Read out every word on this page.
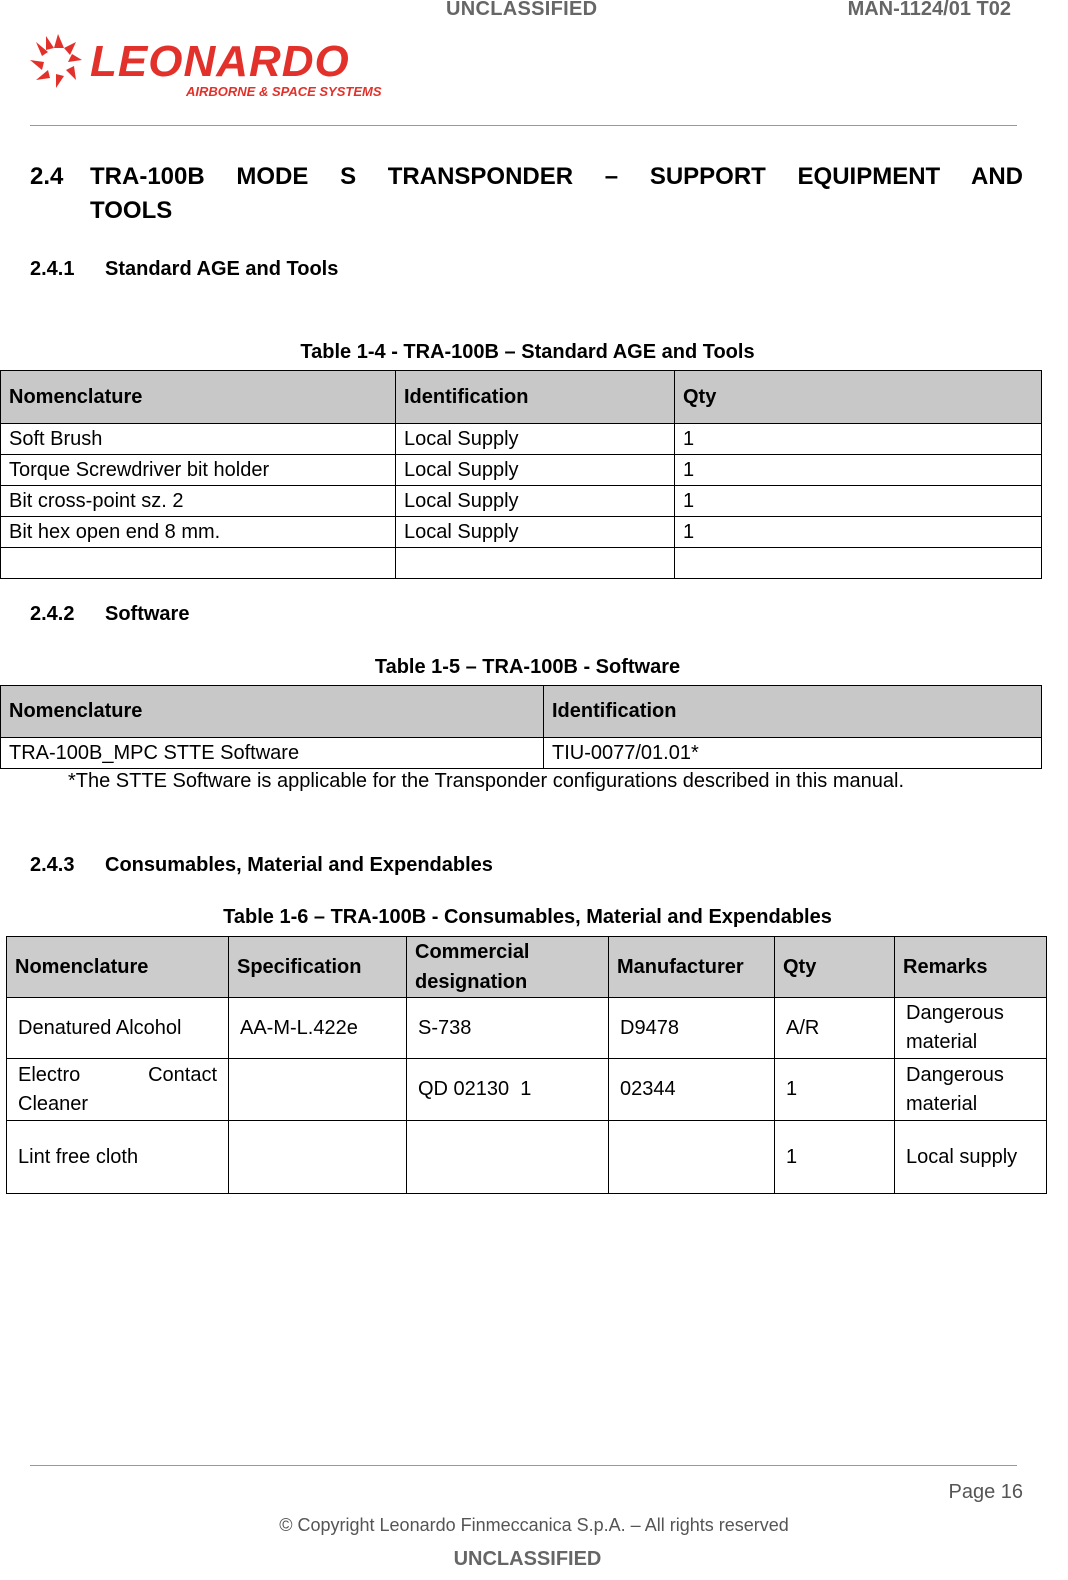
UNCLASSIFIED	MAN-1124/01 T02
LEONARDO
AIRBORNE & SPACE SYSTEMS
2.4 TRA-100B MODE S TRANSPONDER – SUPPORT EQUIPMENT AND
TOOLS
2.4.1 Standard AGE and Tools
Table 1-4 - TRA-100B – Standard AGE and Tools
Nomenclature	Identification	Qty
Soft Brush	Local Supply	1
Torque Screwdriver bit holder	Local Supply	1
Bit cross-point sz. 2	Local Supply	1
Bit hex open end 8 mm.	Local Supply	1

2.4.2 Software
Table 1-5 – TRA-100B - Software
Nomenclature	Identification
TRA-100B_MPC STTE Software	TIU-0077/01.01*
*The STTE Software is applicable for the Transponder configurations described in this manual.
2.4.3 Consumables, Material and Expendables
Table 1-6 – TRA-100B - Consumables, Material and Expendables
Nomenclature	Specification	Commercial designation	Manufacturer	Qty	Remarks
Denatured Alcohol	AA-M-L.422e	S-738	D9478	A/R	Dangerous material
Electro Contact Cleaner		QD 02130  1	02344	1	Dangerous material
Lint free cloth				1	Local supply
Page 16
© Copyright Leonardo Finmeccanica S.p.A. – All rights reserved
UNCLASSIFIED
